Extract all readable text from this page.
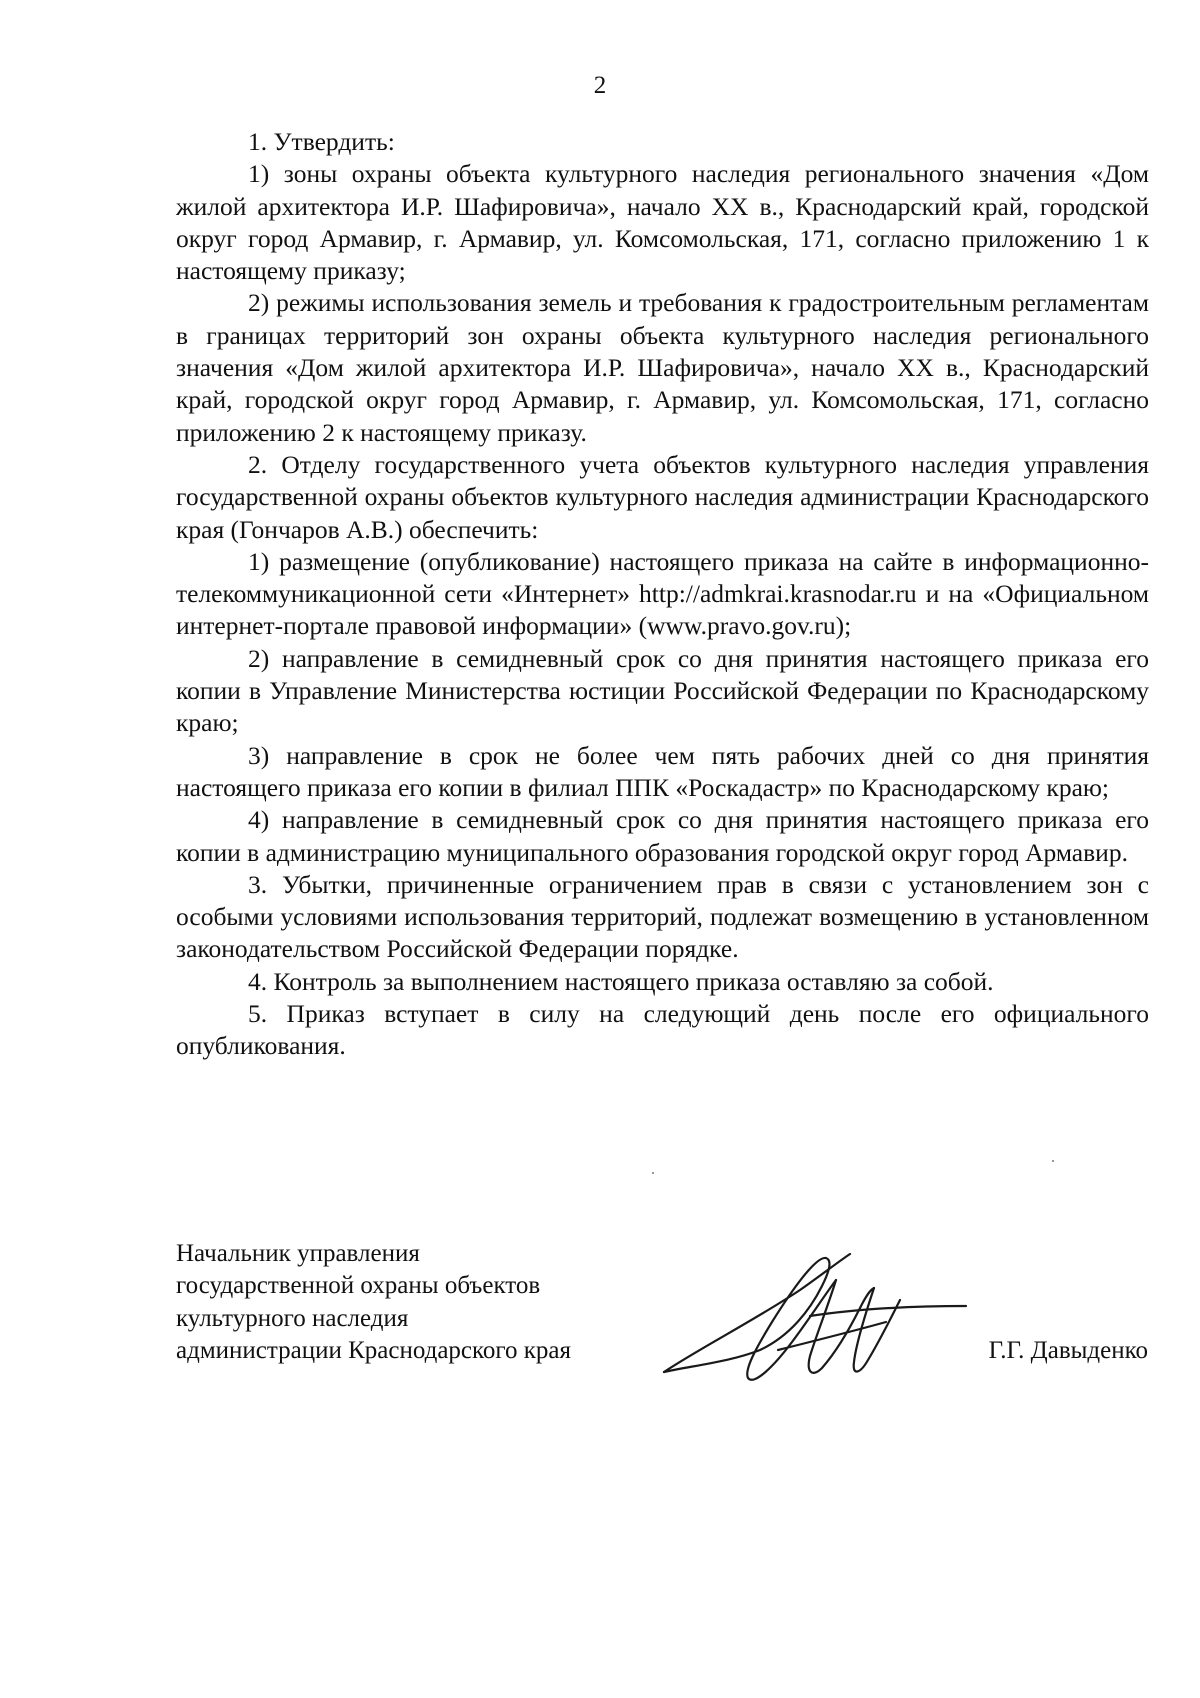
2

1. Утвердить:

1) зоны охраны объекта культурного наследия регионального значения «Дом жилой архитектора И.Р. Шафировича», начало XX в., Краснодарский край, городской округ город Армавир, г. Армавир, ул. Комсомольская, 171, согласно приложению 1 к настоящему приказу;

2) режимы использования земель и требования к градостроительным регламентам в границах территорий зон охраны объекта культурного наследия регионального значения «Дом жилой архитектора И.Р. Шафировича», начало XX в., Краснодарский край, городской округ город Армавир, г. Армавир, ул. Комсомольская, 171, согласно приложению 2 к настоящему приказу.

2. Отделу государственного учета объектов культурного наследия управления государственной охраны объектов культурного наследия администрации Краснодарского края (Гончаров А.В.) обеспечить:

1) размещение (опубликование) настоящего приказа на сайте в информационно-телекоммуникационной сети «Интернет» http://admkrai.krasnodar.ru и на «Официальном интернет-портале правовой информации» (www.pravo.gov.ru);

2) направление в семидневный срок со дня принятия настоящего приказа его копии в Управление Министерства юстиции Российской Федерации по Краснодарскому краю;

3) направление в срок не более чем пять рабочих дней со дня принятия настоящего приказа его копии в филиал ППК «Роскадастр» по Краснодарскому краю;

4) направление в семидневный срок со дня принятия настоящего приказа его копии в администрацию муниципального образования городской округ город Армавир.

3. Убытки, причиненные ограничением прав в связи с установлением зон с особыми условиями использования территорий, подлежат возмещению в установленном законодательством Российской Федерации порядке.

4. Контроль за выполнением настоящего приказа оставляю за собой.

5. Приказ вступает в силу на следующий день после его официального опубликования.

Начальник управления
государственной охраны объектов
культурного наследия
администрации Краснодарского края	Г.Г. Давыденко
